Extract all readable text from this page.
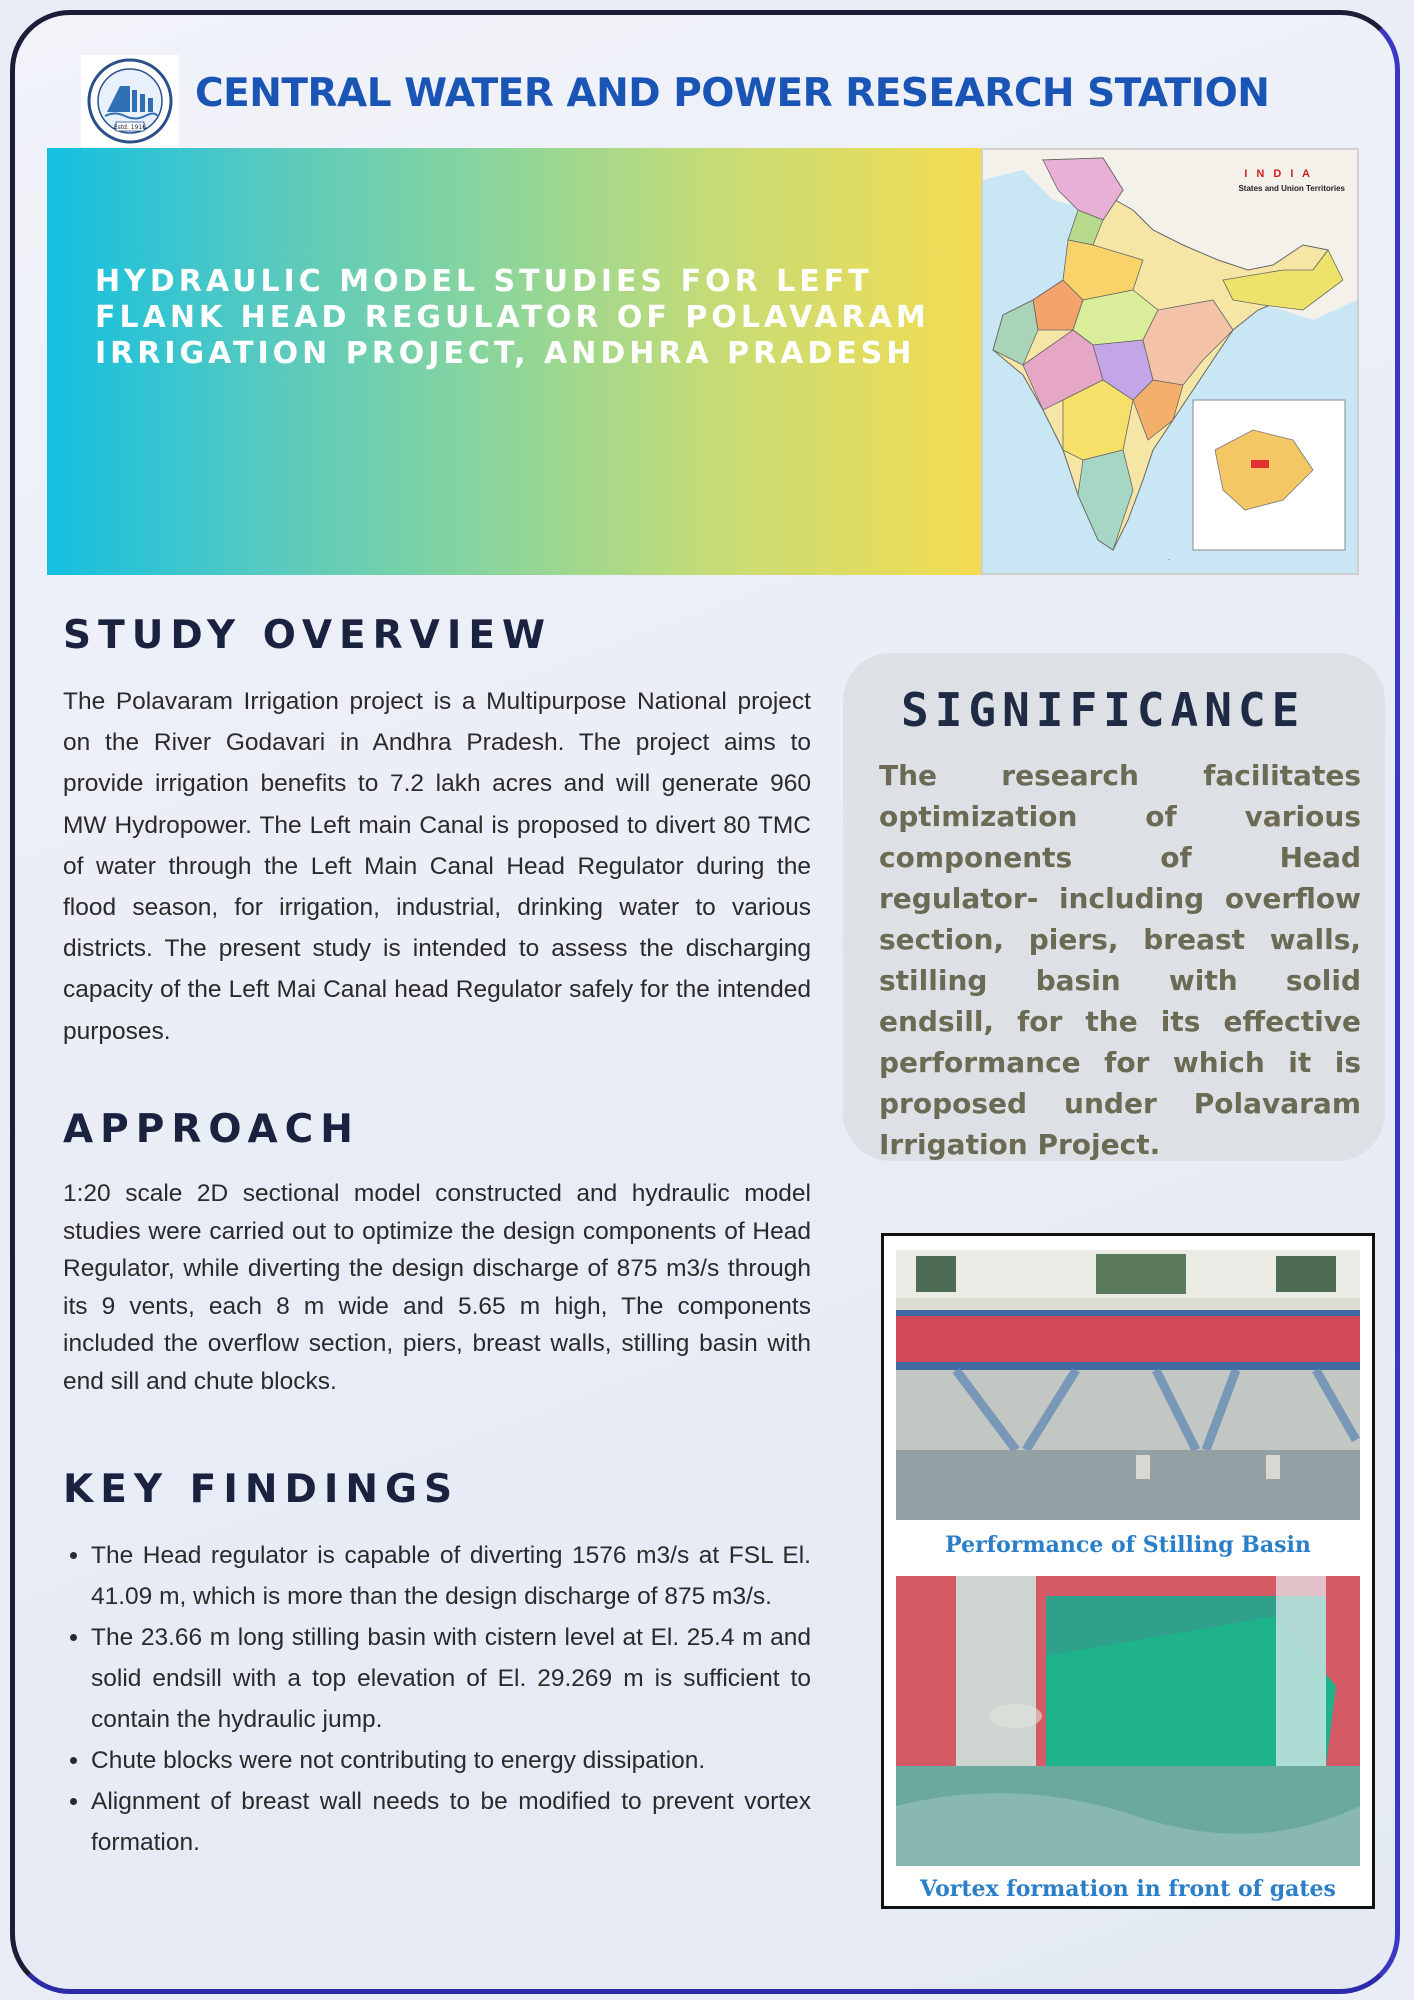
Estd. 1916
CENTRAL WATER AND POWER RESEARCH STATION
HYDRAULIC MODEL STUDIES FOR LEFT FLANK HEAD REGULATOR OF POLAVARAM IRRIGATION PROJECT, ANDHRA PRADESH
·
I N D I A
States and Union Territories
STUDY OVERVIEW

The Polavaram Irrigation project is a Multipurpose National project on the River Godavari in Andhra Pradesh. The project aims to provide irrigation benefits to 7.2 lakh acres and will generate 960 MW Hydropower. The Left main Canal is proposed to divert 80 TMC of water through the Left Main Canal Head Regulator during the flood season, for irrigation, industrial, drinking water to various districts. The present study is intended to assess the discharging capacity of the Left Mai Canal head Regulator safely for the intended purposes.

APPROACH

1:20 scale 2D sectional model constructed and hydraulic model studies were carried out to optimize the design components of Head Regulator, while diverting the design discharge of 875 m3/s through its 9 vents, each 8 m wide and 5.65 m high, The components included the overflow section, piers, breast walls, stilling basin with end sill and chute blocks.

KEY FINDINGS
• The Head regulator is capable of diverting 1576 m3/s at FSL El. 41.09 m, which is more than the design discharge of 875 m3/s.
• The 23.66 m long stilling basin with cistern level at El. 25.4 m and solid endsill with a top elevation of El. 29.269 m is sufficient to contain the hydraulic jump.
• Chute blocks were not contributing to energy dissipation.
• Alignment of breast wall needs to be modified to prevent vortex formation.
SIGNIFICANCE

The research facilitates optimization of various components of Head regulator- including overflow section, piers, breast walls, stilling basin with solid endsill, for the its effective performance for which it is proposed under Polavaram Irrigation Project.

Performance of Stilling Basin

Vortex formation in front of gates
